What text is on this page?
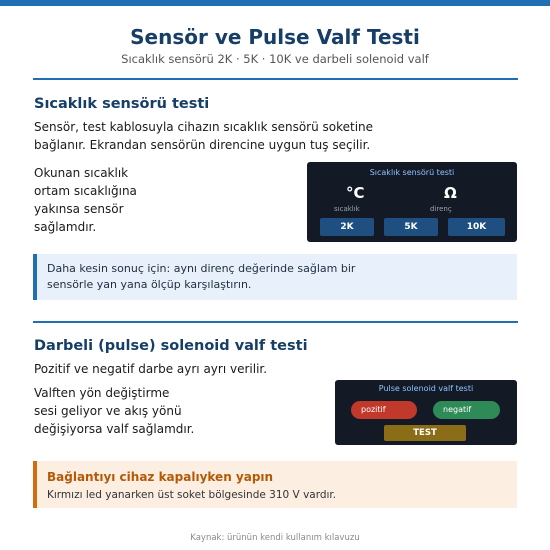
Sensör ve Pulse Valf Testi
Sıcaklık sensörü 2K · 5K · 10K ve darbeli solenoid valf
Sıcaklık sensörü testi
Sensör, test kablosuyla cihazın sıcaklık sensörü soketine
bağlanır. Ekrandan sensörün direncine uygun tuş seçilir.
Okunan sıcaklık
ortam sıcaklığına
yakınsa sensör
sağlamdır.
Sıcaklık sensörü testi
°C
sıcaklık
Ω
direnç
2K	5K	10K
Daha kesin sonuç için: aynı direnç değerinde sağlam bir
sensörle yan yana ölçüp karşılaştırın.
Darbeli (pulse) solenoid valf testi
Pozitif ve negatif darbe ayrı ayrı verilir.
Valften yön değiştirme
sesi geliyor ve akış yönü
değişiyorsa valf sağlamdır.
Pulse solenoid valf testi
pozitif	negatif
TEST
Bağlantıyı cihaz kapalıyken yapın
Kırmızı led yanarken üst soket bölgesinde 310 V vardır.
Kaynak: ürünün kendi kullanım kılavuzu
